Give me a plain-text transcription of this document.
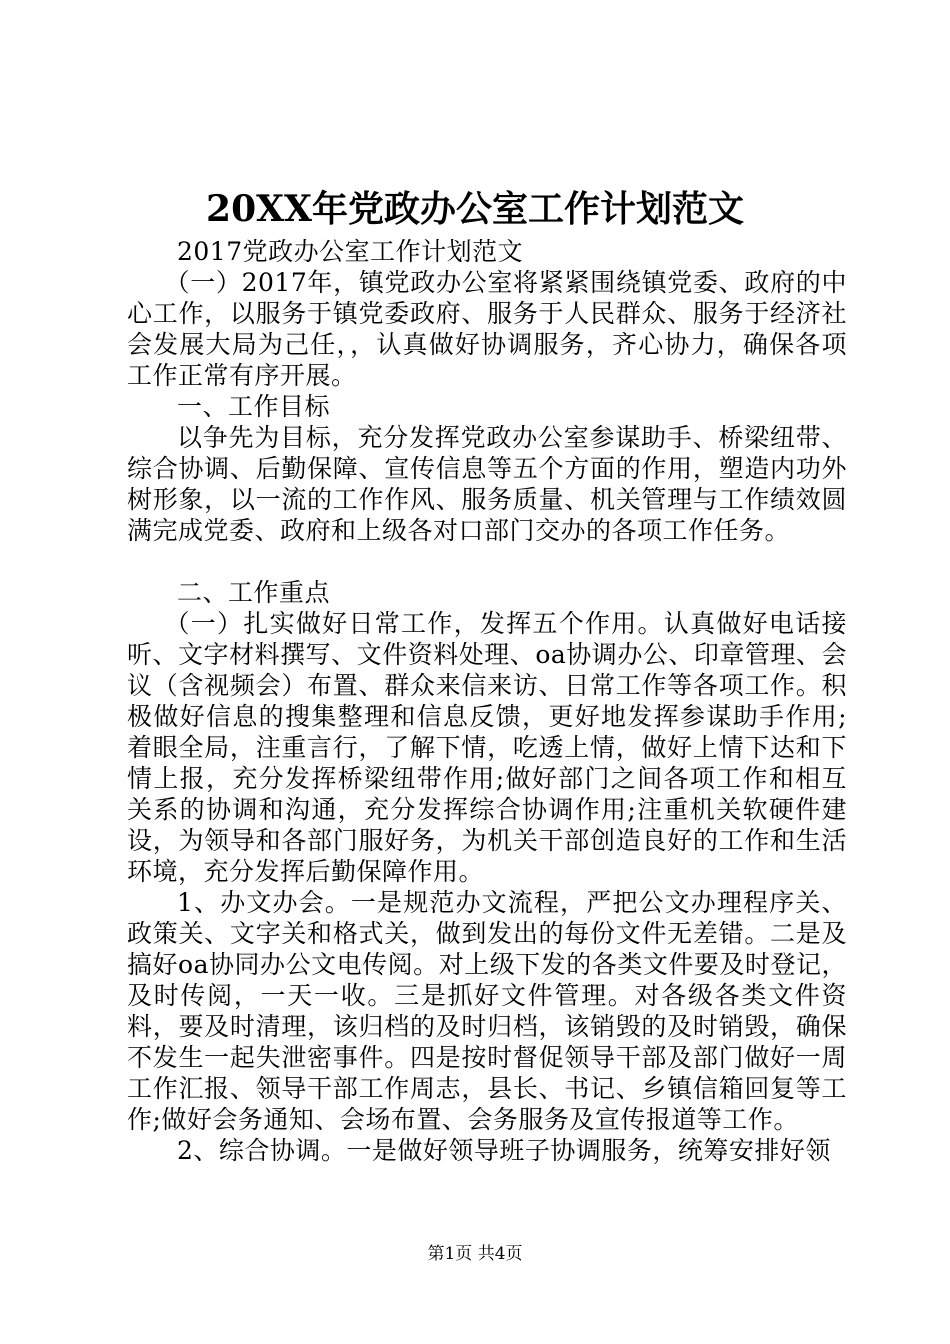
20XX年党政办公室工作计划范文

2017党政办公室工作计划范文

（一）2017年，镇党政办公室将紧紧围绕镇党委、政府的中心工作，以服务于镇党委政府、服务于人民群众、服务于经济社会发展大局为己任，，认真做好协调服务，齐心协力，确保各项工作正常有序开展。

一、工作目标

以争先为目标，充分发挥党政办公室参谋助手、桥梁纽带、综合协调、后勤保障、宣传信息等五个方面的作用，塑造内功外树形象，以一流的工作作风、服务质量、机关管理与工作绩效圆满完成党委、政府和上级各对口部门交办的各项工作任务。

二、工作重点

（一）扎实做好日常工作，发挥五个作用。认真做好电话接听、文字材料撰写、文件资料处理、oa协调办公、印章管理、会议（含视频会）布置、群众来信来访、日常工作等各项工作。积极做好信息的搜集整理和信息反馈，更好地发挥参谋助手作用;着眼全局，注重言行，了解下情，吃透上情，做好上情下达和下情上报，充分发挥桥梁纽带作用;做好部门之间各项工作和相互关系的协调和沟通，充分发挥综合协调作用;注重机关软硬件建设，为领导和各部门服好务，为机关干部创造良好的工作和生活环境，充分发挥后勤保障作用。

1、办文办会。一是规范办文流程，严把公文办理程序关、政策关、文字关和格式关，做到发出的每份文件无差错。二是及搞好oa协同办公文电传阅。对上级下发的各类文件要及时登记，及时传阅，一天一收。三是抓好文件管理。对各级各类文件资料，要及时清理，该归档的及时归档，该销毁的及时销毁，确保不发生一起失泄密事件。四是按时督促领导干部及部门做好一周工作汇报、领导干部工作周志，县长、书记、乡镇信箱回复等工作;做好会务通知、会场布置、会务服务及宣传报道等工作。

2、综合协调。一是做好领导班子协调服务，统筹安排好领

第1页 共4页
